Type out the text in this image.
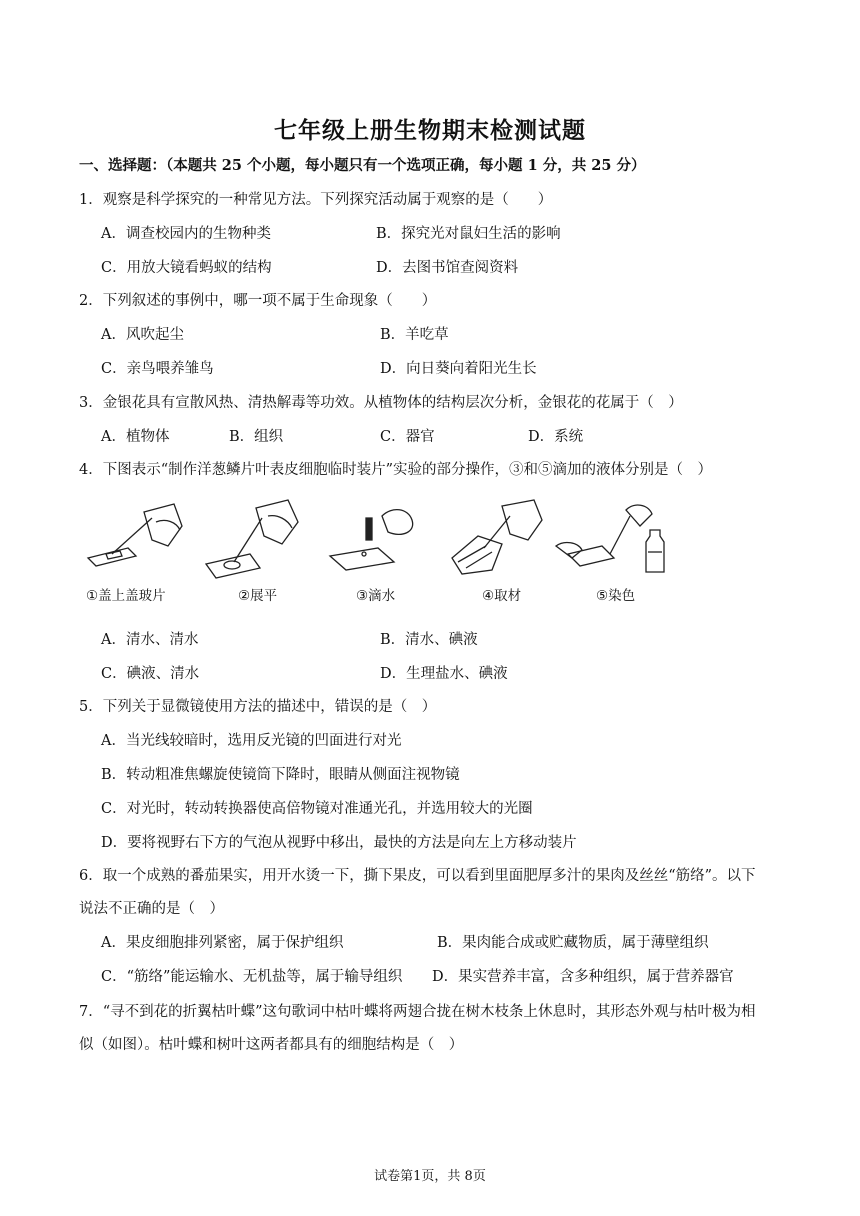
七年级上册生物期末检测试题
一、选择题：（本题共 25 个小题，每小题只有一个选项正确，每小题 1 分，共 25 分）
1．观察是科学探究的一种常见方法。下列探究活动属于观察的是（　　）
A．调查校园内的生物种类	B．探究光对鼠妇生活的影响
C．用放大镜看蚂蚁的结构	D．去图书馆查阅资料
2．下列叙述的事例中，哪一项不属于生命现象（　　）
A．风吹起尘	B．羊吃草
C．亲鸟喂养雏鸟	D．向日葵向着阳光生长
3．金银花具有宣散风热、清热解毒等功效。从植物体的结构层次分析，金银花的花属于（　）
A．植物体	B．组织	C．器官	D．系统
4．下图表示“制作洋葱鳞片叶表皮细胞临时装片”实验的部分操作，③和⑤滴加的液体分别是（　）
①盖上盖玻片	②展平	③滴水	④取材	⑤染色
A．清水、清水	B．清水、碘液
C．碘液、清水	D．生理盐水、碘液
5．下列关于显微镜使用方法的描述中，错误的是（　）
A．当光线较暗时，选用反光镜的凹面进行对光
B．转动粗准焦螺旋使镜筒下降时，眼睛从侧面注视物镜
C．对光时，转动转换器使高倍物镜对准通光孔，并选用较大的光圈
D．要将视野右下方的气泡从视野中移出，最快的方法是向左上方移动装片
6．取一个成熟的番茄果实，用开水烫一下，撕下果皮，可以看到里面肥厚多汁的果肉及丝丝“筋络”。以下
说法不正确的是（　）
A．果皮细胞排列紧密，属于保护组织	B．果肉能合成或贮藏物质，属于薄壁组织
C．“筋络”能运输水、无机盐等，属于输导组织 D．果实营养丰富，含多种组织，属于营养器官
7．“寻不到花的折翼枯叶蝶”这句歌词中枯叶蝶将两翅合拢在树木枝条上休息时，其形态外观与枯叶极为相
似（如图）。枯叶蝶和树叶这两者都具有的细胞结构是（　）
试卷第1页，共 8页
